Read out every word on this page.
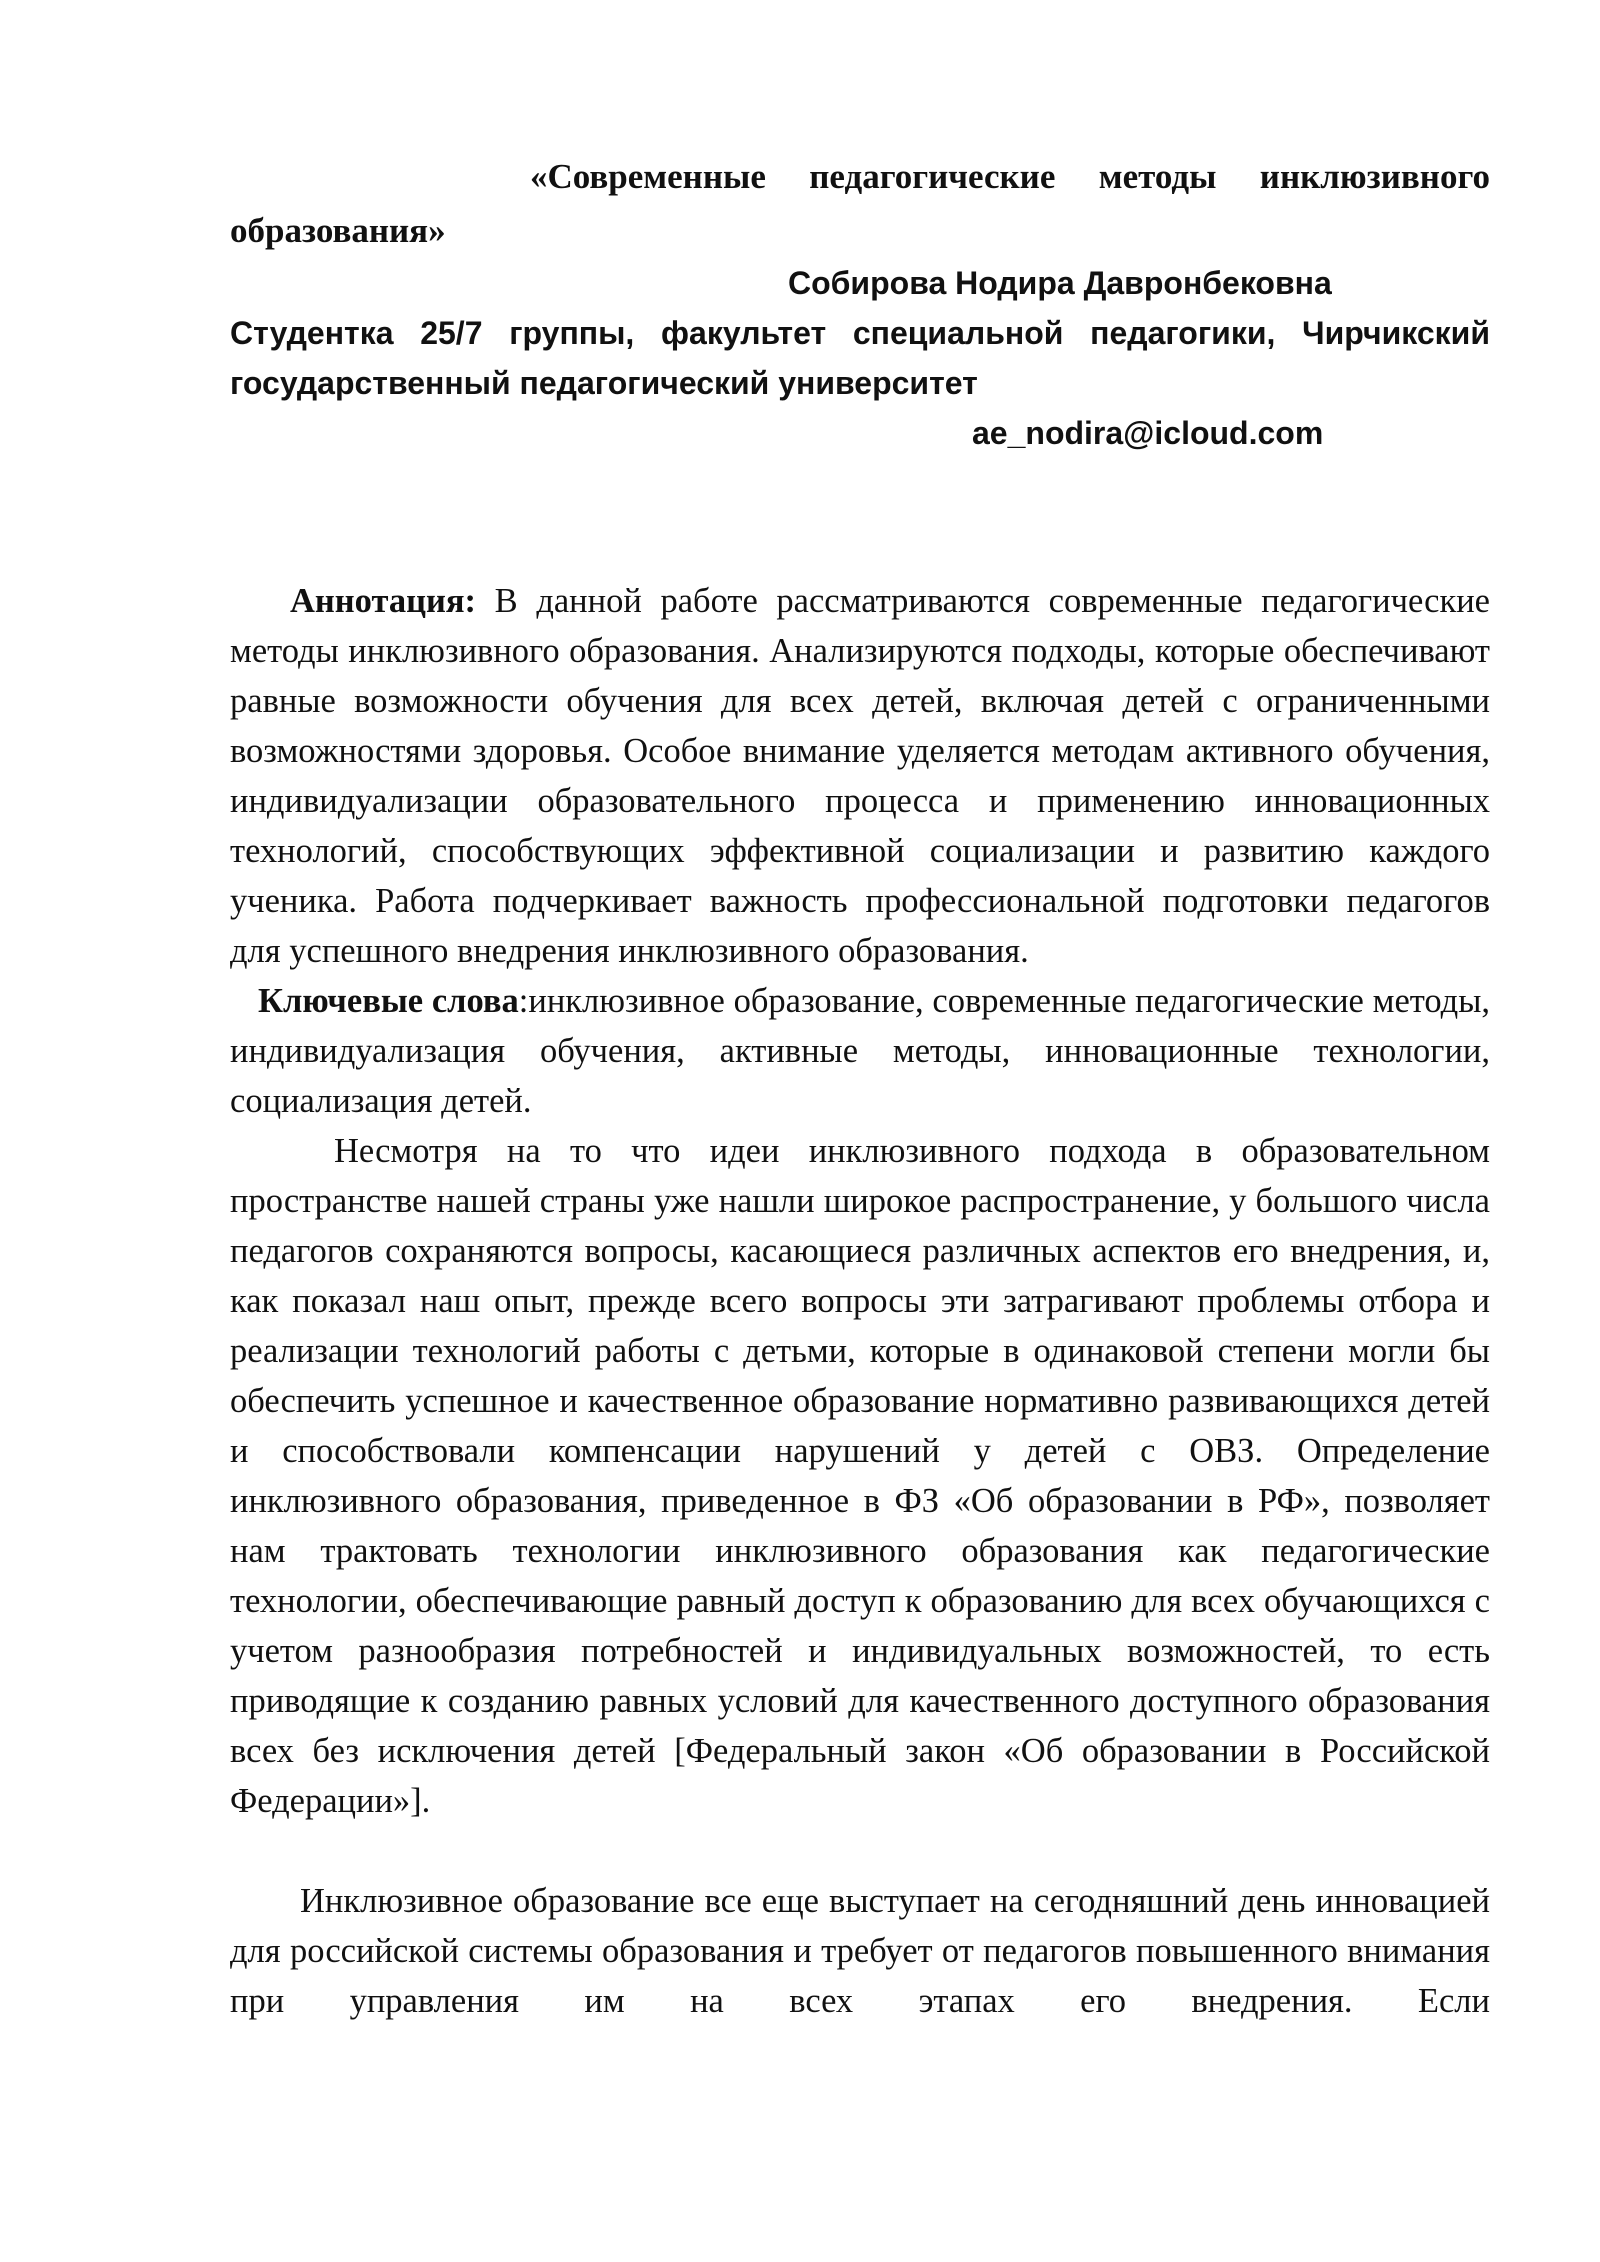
«Современные педагогические методы инклюзивного образования»

Собирова Нодира Давронбековна

Студентка 25/7 группы, факультет специальной педагогики, Чирчикский государственный педагогический университет

ae_nodira@icloud.com

Аннотация: В данной работе рассматриваются современные педагогические методы инклюзивного образования. Анализируются подходы, которые обеспечивают равные возможности обучения для всех детей, включая детей с ограниченными возможностями здоровья. Особое внимание уделяется методам активного обучения, индивидуализации образовательного процесса и применению инновационных технологий, способствующих эффективной социализации и развитию каждого ученика. Работа подчеркивает важность профессиональной подготовки педагогов для успешного внедрения инклюзивного образования.

Ключевые слова:инклюзивное образование, современные педагогические методы, индивидуализация обучения, активные методы, инновационные технологии, социализация детей.

Несмотря на то что идеи инклюзивного подхода в образовательном пространстве нашей страны уже нашли широкое распространение, у большого числа педагогов сохраняются вопросы, касающиеся различных аспектов его внедрения, и, как показал наш опыт, прежде всего вопросы эти затрагивают проблемы отбора и реализации технологий работы с детьми, которые в одинаковой степени могли бы обеспечить успешное и качественное образование нормативно развивающихся детей и способствовали компенсации нарушений у детей с ОВЗ. Определение инклюзивного образования, приведенное в ФЗ «Об образовании в РФ», позволяет нам трактовать технологии инклюзивного образования как педагогические технологии, обеспечивающие равный доступ к образованию для всех обучающихся с учетом разнообразия потребностей и индивидуальных возможностей, то есть приводящие к созданию равных условий для качественного доступного образования всех без исключения детей [Федеральный закон «Об образовании в Российской Федерации»].

Инклюзивное образование все еще выступает на сегодняшний день инновацией для российской системы образования и требует от педагогов повышенного внимания при управления им на всех этапах его внедрения. Если
